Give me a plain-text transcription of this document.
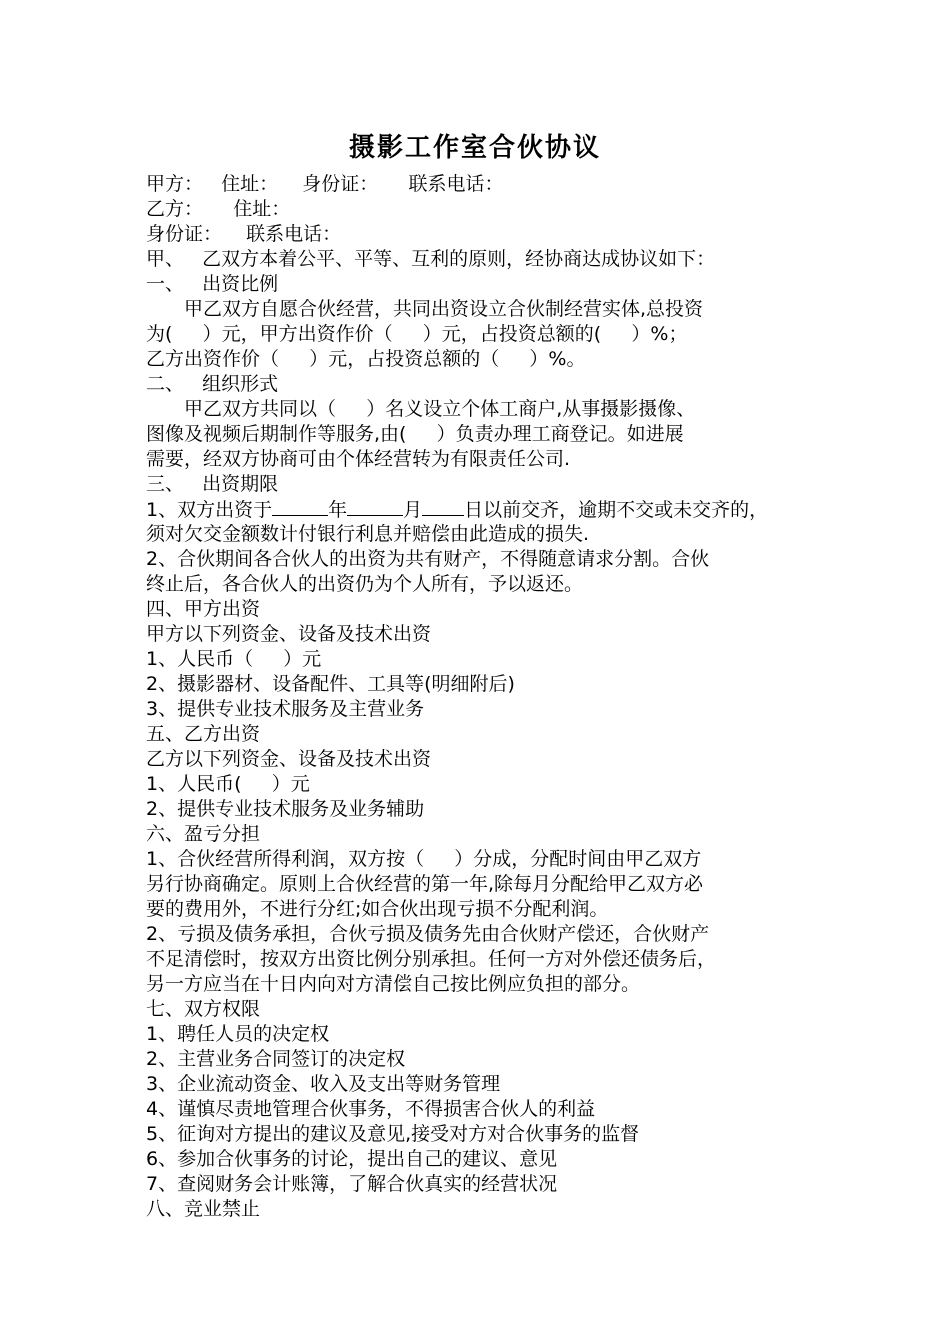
摄影工作室合伙协议
甲方：   住址：    身份证：     联系电话：
乙方：     住址：
身份证：    联系电话：
甲、   乙双方本着公平、平等、互利的原则，经协商达成协议如下：
一、   出资比例
甲乙双方自愿合伙经营，共同出资设立合伙制经营实体,总投资
为(     ）元，甲方出资作价（     ）元，占投资总额的(     ）%；
乙方出资作价（     ）元，占投资总额的（     ）%。
二、   组织形式
甲乙双方共同以（     ）名义设立个体工商户,从事摄影摄像、
图像及视频后期制作等服务,由(     ）负责办理工商登记。如进展
需要，经双方协商可由个体经营转为有限责任公司.
三、   出资期限
1、双方出资于	年	月 日以前交齐，逾期不交或未交齐的，
须对欠交金额数计付银行利息并赔偿由此造成的损失.
2、合伙期间各合伙人的出资为共有财产，不得随意请求分割。合伙
终止后，各合伙人的出资仍为个人所有，予以返还。
四、甲方出资
甲方以下列资金、设备及技术出资
1、人民币（     ）元
2、摄影器材、设备配件、工具等(明细附后)
3、提供专业技术服务及主营业务
五、乙方出资
乙方以下列资金、设备及技术出资
1、人民币(     ）元
2、提供专业技术服务及业务辅助
六、盈亏分担
1、合伙经营所得利润，双方按（     ）分成，分配时间由甲乙双方
另行协商确定。原则上合伙经营的第一年,除每月分配给甲乙双方必
要的费用外，不进行分红;如合伙出现亏损不分配利润。
2、亏损及债务承担，合伙亏损及债务先由合伙财产偿还，合伙财产
不足清偿时，按双方出资比例分别承担。任何一方对外偿还债务后，
另一方应当在十日内向对方清偿自己按比例应负担的部分。
七、双方权限
1、聘任人员的决定权
2、主营业务合同签订的决定权
3、企业流动资金、收入及支出等财务管理
4、谨慎尽责地管理合伙事务，不得损害合伙人的利益
5、征询对方提出的建议及意见,接受对方对合伙事务的监督
6、参加合伙事务的讨论，提出自己的建议、意见
7、查阅财务会计账簿，了解合伙真实的经营状况
八、竞业禁止
